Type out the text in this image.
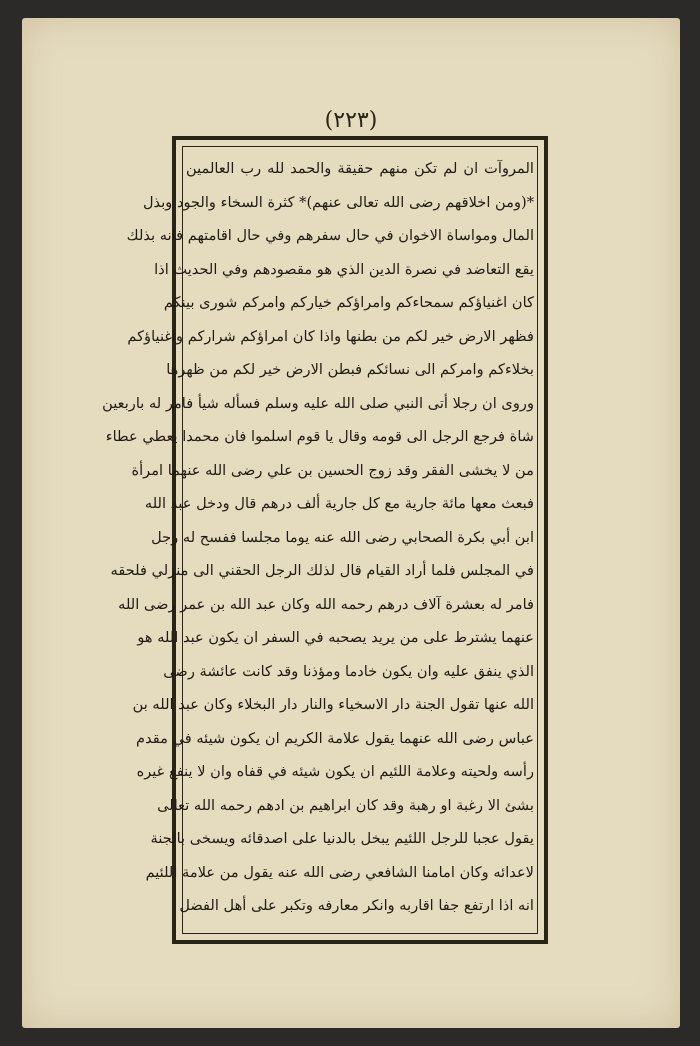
(٢٢٣)
المروآت ان لم تكن منهم حقيقة والحمد لله رب العالمين
*(ومن اخلاقهم رضى الله تعالى عنهم)* كثرة السخاء والجود وبذل
المال ومواساة الاخوان في حال سفرهم وفي حال اقامتهم فانه بذلك
يقع التعاضد في نصرة الدين الذي هو مقصودهم وفي الحديث اذا
كان اغنياؤكم سمحاءكم وامراؤكم خياركم وامركم شورى بينكم
فظهر الارض خير لكم من بطنها واذا كان امراؤكم شراركم واغنياؤكم
بخلاءكم وامركم الى نسائكم فبطن الارض خير لكم من ظهرها
وروى ان رجلا أتى النبي صلى الله عليه وسلم فسأله شيأ فامر له باربعين
شاة فرجع الرجل الى قومه وقال يا قوم اسلموا فان محمدا يعطي عطاء
من لا يخشى الفقر وقد زوج الحسين بن علي رضى الله عنهما امرأة
فبعث معها مائة جارية مع كل جارية ألف درهم قال ودخل عبد الله
ابن أبي بكرة الصحابي رضى الله عنه يوما مجلسا ففسح له رجل
في المجلس فلما أراد القيام قال لذلك الرجل الحقني الى منزلي فلحقه
فامر له بعشرة آلاف درهم رحمه الله وكان عبد الله بن عمر رضى الله
عنهما يشترط على من يريد يصحبه في السفر ان يكون عبد الله هو
الذي ينفق عليه وان يكون خادما ومؤذنا وقد كانت عائشة رضى
الله عنها تقول الجنة دار الاسخياء والنار دار البخلاء وكان عبد الله بن
عباس رضى الله عنهما يقول علامة الكريم ان يكون شيئه في مقدم
رأسه ولحيته وعلامة اللئيم ان يكون شيئه في قفاه وان لا ينفع غيره
بشئ الا رغبة او رهبة وقد كان ابراهيم بن ادهم رحمه الله تعالى
يقول عجبا للرجل اللئيم يبخل بالدنيا على اصدقائه ويسخى بالجنة
لاعدائه وكان امامنا الشافعي رضى الله عنه يقول من علامة اللئيم
انه اذا ارتفع جفا اقاربه وانكر معارفه وتكبر على أهل الفضل
